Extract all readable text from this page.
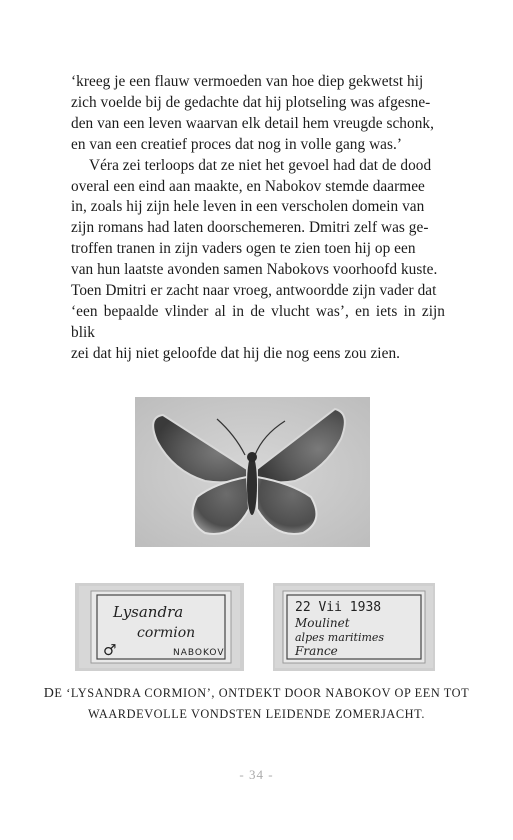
‘kreeg je een flauw vermoeden van hoe diep gekwetst hij
zich voelde bij de gedachte dat hij plotseling was afgesne-
den van een leven waarvan elk detail hem vreugde schonk,
en van een creatief proces dat nog in volle gang was.’

Véra zei terloops dat ze niet het gevoel had dat de dood
overal een eind aan maakte, en Nabokov stemde daarmee
in, zoals hij zijn hele leven in een verscholen domein van
zijn romans had laten doorschemeren. Dmitri zelf was ge-
troffen tranen in zijn vaders ogen te zien toen hij op een
van hun laatste avonden samen Nabokovs voorhoofd kuste.
Toen Dmitri er zacht naar vroeg, antwoordde zijn vader dat
‘een bepaalde vlinder al in de vlucht was’, en iets in zijn blik
zei dat hij niet geloofde dat hij die nog eens zou zien.

Lysandra
cormion
♂	NABOKOV
22 Vii 1938
Moulinet
alpes maritimes
France
DE ‘LYSANDRA CORMION’, ONTDEKT DOOR NABOKOV OP EEN TOT
WAARDEVOLLE VONDSTEN LEIDENDE ZOMERJACHT.
- 34 -
